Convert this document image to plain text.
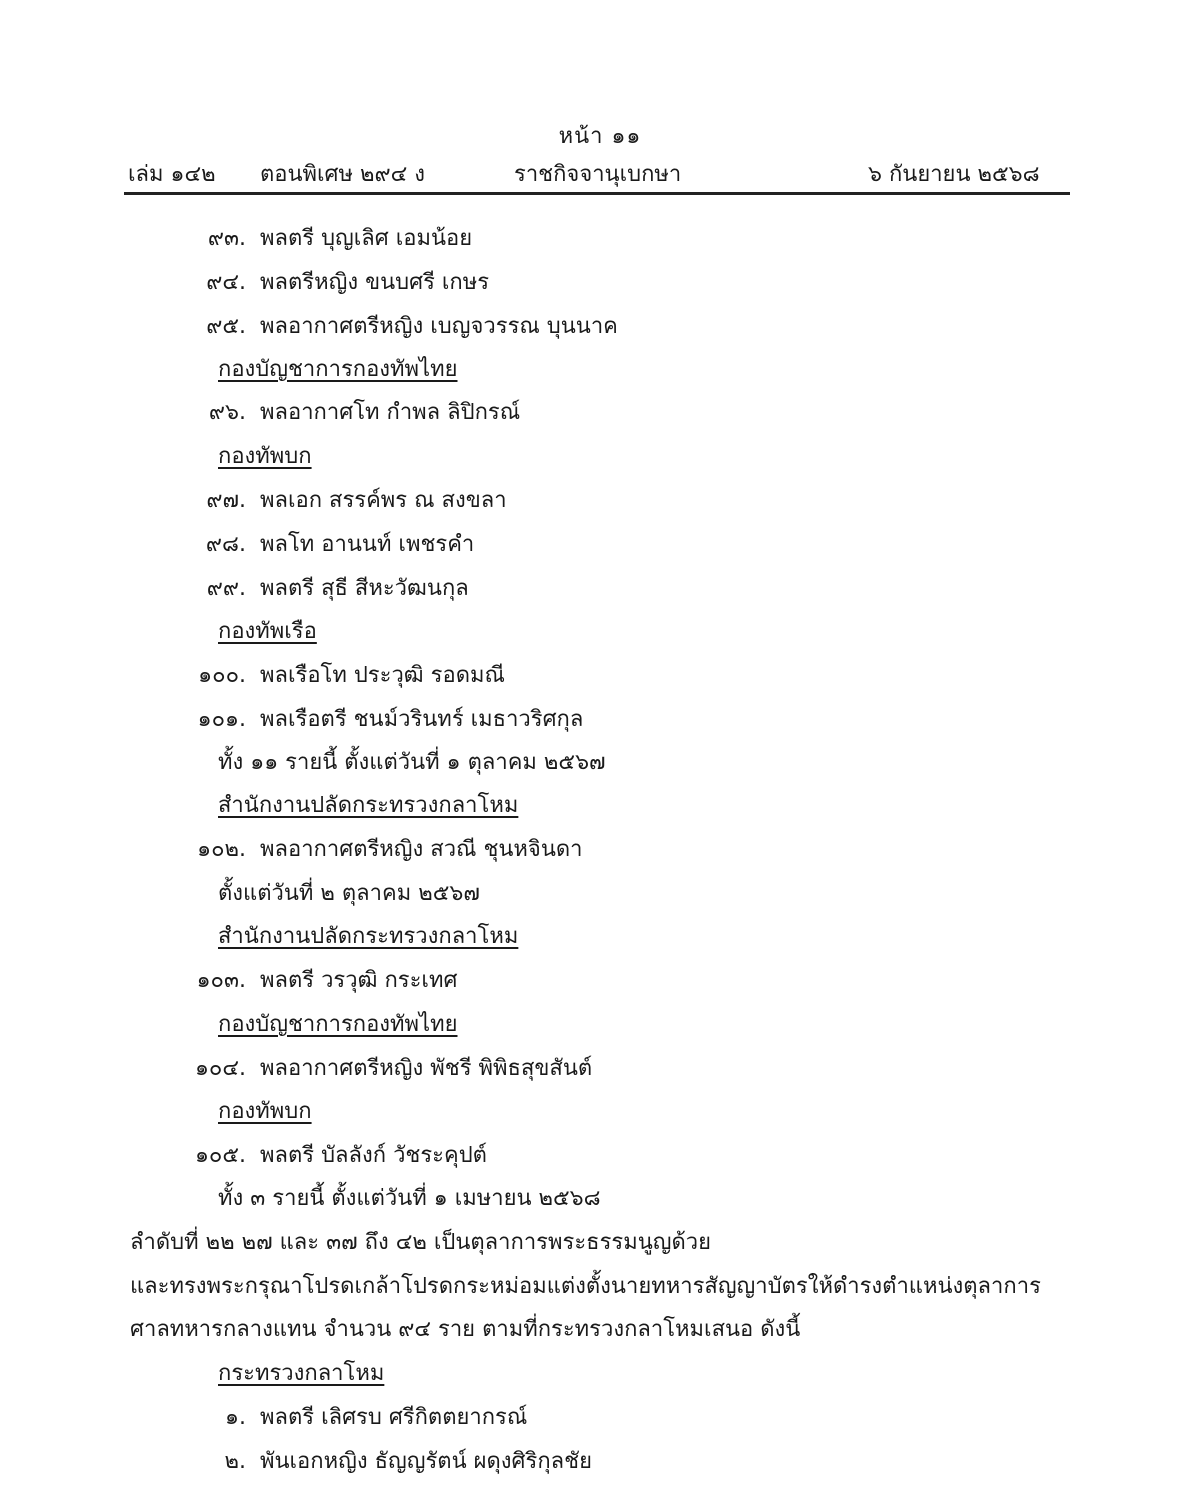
หน้า ๑๑
เล่ม ๑๔๒ ตอนพิเศษ ๒๙๔ ง	ราชกิจจานุเบกษา	๖ กันยายน ๒๕๖๘
๙๓. พลตรี บุญเลิศ เอมน้อย
๙๔. พลตรีหญิง ขนบศรี เกษร
๙๕. พลอากาศตรีหญิง เบญจวรรณ บุนนาค
กองบัญชาการกองทัพไทย
๙๖. พลอากาศโท กำพล ลิปิกรณ์
กองทัพบก
๙๗. พลเอก สรรค์พร ณ สงขลา
๙๘. พลโท อานนท์ เพชรคำ
๙๙. พลตรี สุธี สีหะวัฒนกุล
กองทัพเรือ
๑๐๐. พลเรือโท ประวุฒิ รอดมณี
๑๐๑. พลเรือตรี ชนม์วรินทร์ เมธาวริศกุล
ทั้ง ๑๑ รายนี้ ตั้งแต่วันที่ ๑ ตุลาคม ๒๕๖๗
สำนักงานปลัดกระทรวงกลาโหม
๑๐๒. พลอากาศตรีหญิง สวณี ชุนหจินดา
ตั้งแต่วันที่ ๒ ตุลาคม ๒๕๖๗
สำนักงานปลัดกระทรวงกลาโหม
๑๐๓. พลตรี วรวุฒิ กระเทศ
กองบัญชาการกองทัพไทย
๑๐๔. พลอากาศตรีหญิง พัชรี พิพิธสุขสันต์
กองทัพบก
๑๐๕. พลตรี บัลลังก์ วัชระคุปต์
ทั้ง ๓ รายนี้ ตั้งแต่วันที่ ๑ เมษายน ๒๕๖๘
ลำดับที่ ๒๒ ๒๗ และ ๓๗ ถึง ๔๒ เป็นตุลาการพระธรรมนูญด้วย
และทรงพระกรุณาโปรดเกล้าโปรดกระหม่อมแต่งตั้งนายทหารสัญญาบัตรให้ดำรงตำแหน่งตุลาการ
ศาลทหารกลางแทน จำนวน ๙๔ ราย ตามที่กระทรวงกลาโหมเสนอ ดังนี้
กระทรวงกลาโหม
๑. พลตรี เลิศรบ ศรีกิตตยากรณ์
๒. พันเอกหญิง ธัญญรัตน์ ผดุงศิริกุลชัย
